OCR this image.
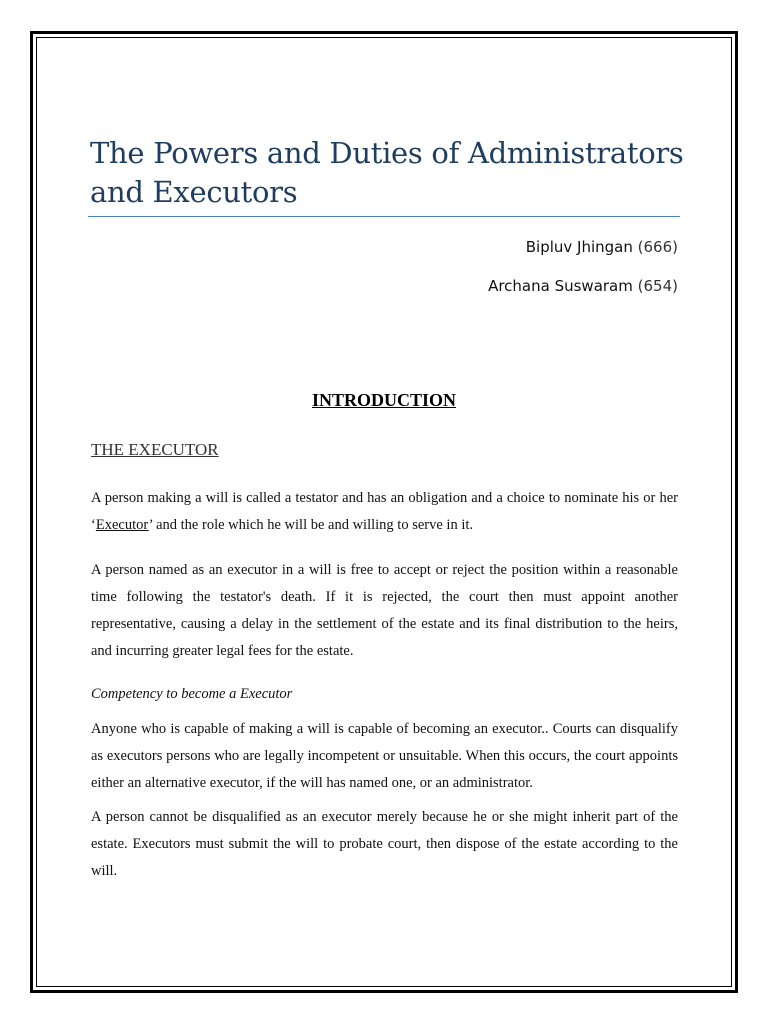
The Powers and Duties of Administrators and Executors
Bipluv Jhingan (666)
Archana Suswaram (654)
INTRODUCTION
THE EXECUTOR

A person making a will is called a testator and has an obligation and a choice to nominate his or her ‘Executor’ and the role which he will be and willing to serve in it.

A person named as an executor in a will is free to accept or reject the position within a reasonable time following the testator's death. If it is rejected, the court then must appoint another representative, causing a delay in the settlement of the estate and its final distribution to the heirs, and incurring greater legal fees for the estate.

Competency to become a Executor

Anyone who is capable of making a will is capable of becoming an executor.. Courts can disqualify as executors persons who are legally incompetent or unsuitable. When this occurs, the court appoints either an alternative executor, if the will has named one, or an administrator.

A person cannot be disqualified as an executor merely because he or she might inherit part of the estate. Executors must submit the will to probate court, then dispose of the estate according to the will.
